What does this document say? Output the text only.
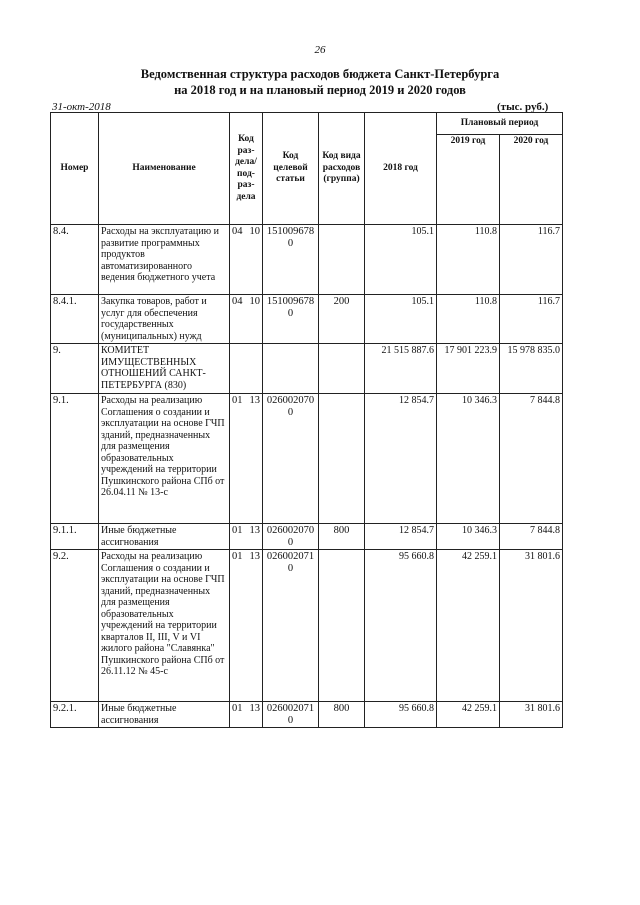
26
Ведомственная структура расходов бюджета Санкт-Петербурга
на 2018 год и на плановый период 2019 и 2020 годов
31-окт-2018	(тыс. руб.)
Номер	Наименование	Код раз-дела/ под-раз-дела		Код целевой статьи	Код вида расходов (группа)	2018 год	Плановый период	
							2019 год	2020 год
8.4.	Расходы на эксплуатацию и развитие программных продуктов автоматизированного ведения бюджетного учета	04	10	1510096780		105.1	110.8	116.7
8.4.1.	Закупка товаров, работ и услуг для обеспечения государственных (муниципальных) нужд	04	10	1510096780	200	105.1	110.8	116.7
9.	КОМИТЕТ ИМУЩЕСТВЕННЫХ ОТНОШЕНИЙ САНКТ-ПЕТЕРБУРГА (830)					21 515 887.6	17 901 223.9	15 978 835.0
9.1.	Расходы на реализацию Соглашения о создании и эксплуатации на основе ГЧП зданий, предназначенных для размещения образовательных учреждений на территории Пушкинского района СПб от 26.04.11 № 13-с	01	13	0260020700		12 854.7	10 346.3	7 844.8
9.1.1.	Иные бюджетные ассигнования	01	13	0260020700	800	12 854.7	10 346.3	7 844.8
9.2.	Расходы на реализацию Соглашения о создании и эксплуатации на основе ГЧП зданий, предназначенных для размещения образовательных учреждений на территории кварталов II, III, V и VI жилого района "Славянка" Пушкинского района СПб от 26.11.12 № 45-с	01	13	0260020710		95 660.8	42 259.1	31 801.6
9.2.1.	Иные бюджетные ассигнования	01	13	0260020710	800	95 660.8	42 259.1	31 801.6
